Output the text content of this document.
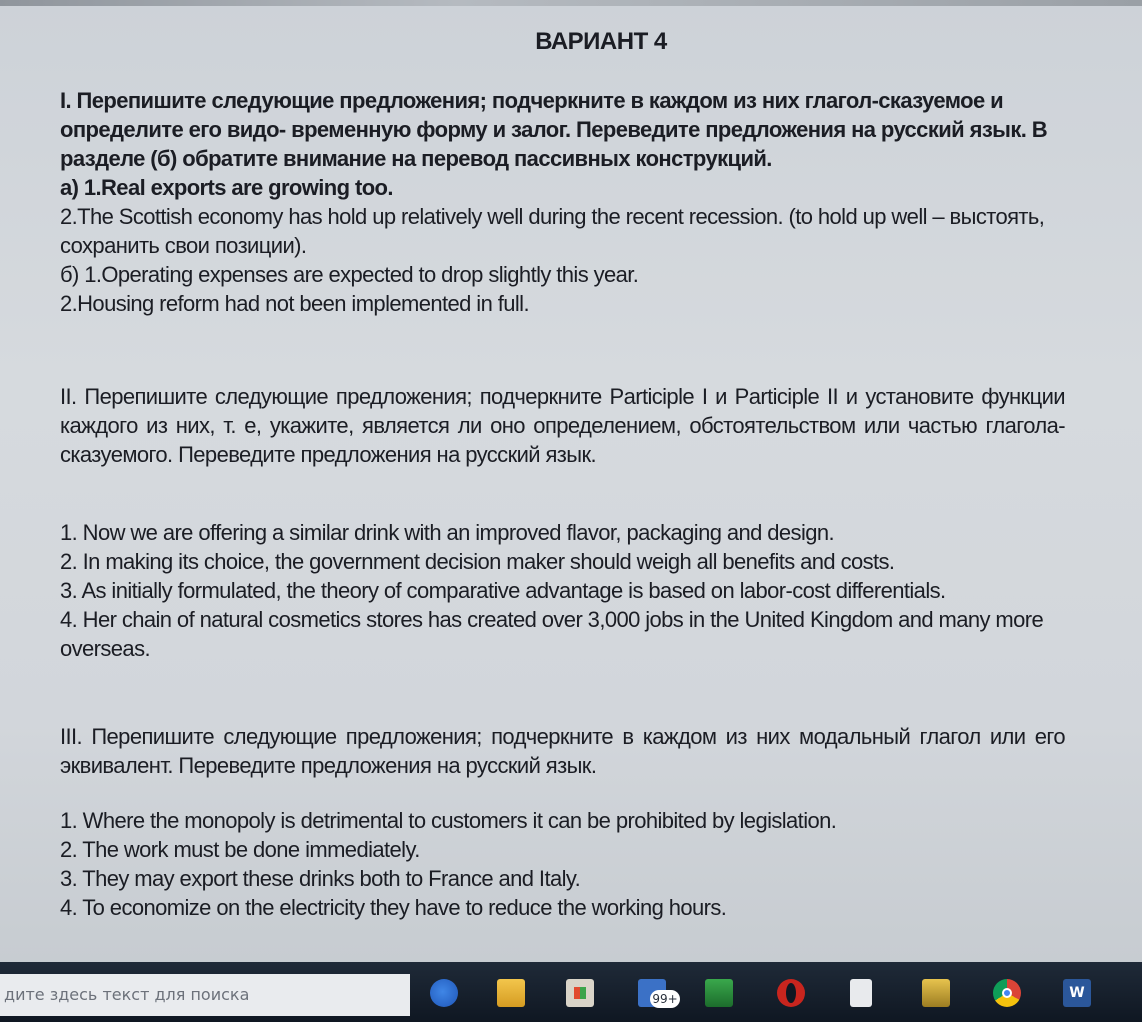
ВАРИАНТ 4

I. Перепишите следующие предложения; подчеркните в каждом из них глагол-сказуемое и определите его видо- временную форму и залог. Переведите предложения на русский язык. В разделе (б) обратите внимание на перевод пассивных конструкций.

а) 1.Real exports are growing too.

2.The Scottish economy has hold up relatively well during the recent recession. (to hold up well – выстоять, сохранить свои позиции).

б) 1.Operating expenses are expected to drop slightly this year.

2.Housing reform had not been implemented in full.

II. Перепишите следующие предложения; подчеркните Participle I и Participle II и установите функции каждого из них, т. е, укажите, является ли оно определением, обстоятельством или частью глагола-сказуемого. Переведите предложения на русский язык.

1. Now we are offering a similar drink with an improved flavor, packaging and design.

2. In making its choice, the government decision maker should weigh all benefits and costs.

3. As initially formulated, the theory of comparative advantage is based on labor-cost differentials.

4. Her chain of natural cosmetics stores has created over 3,000 jobs in the United Kingdom and many more overseas.

III. Перепишите следующие предложения; подчеркните в каждом из них модальный глагол или его эквивалент. Переведите предложения на русский язык.

1. Where the monopoly is detrimental to customers it can be prohibited by legislation.

2. The work must be done immediately.

3. They may export these drinks both to France and Italy.

4. To economize on the electricity they have to reduce the working hours.

дите здесь текст для поиска	99+
W
